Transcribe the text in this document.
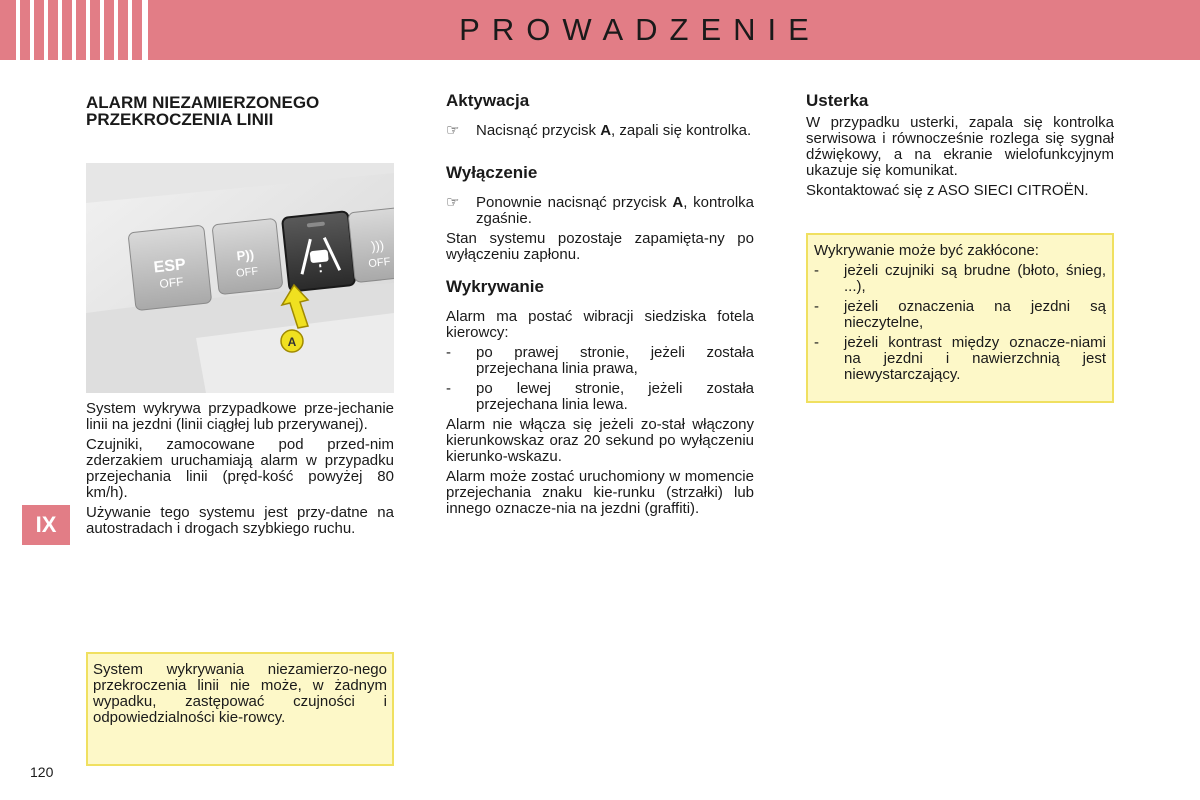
PROWADZENIE
IX
120
ALARM NIEZAMIERZONEGO
PRZEKROCZENIA LINII
ESP
OFF
P))
OFF
)))
OFF
A

System wykrywa przypadkowe prze-jechanie linii na jezdni (linii ciągłej lub przerywanej).

Czujniki, zamocowane pod przed-nim zderzakiem uruchamiają alarm w przypadku przejechania linii (pręd-kość powyżej 80 km/h).

Używanie tego systemu jest przy-datne na autostradach i drogach szybkiego ruchu.

System wykrywania niezamierzo-nego przekroczenia linii nie może, w żadnym wypadku, zastępować czujności i odpowiedzialności kie-rowcy.

Aktywacja
☞	Nacisnąć przycisk A, zapali się kontrolka.
Wyłączenie
☞	Ponownie nacisnąć przycisk A, kontrolka zgaśnie.

Stan systemu pozostaje zapamięta-ny po wyłączeniu zapłonu.

Wykrywanie

Alarm ma postać wibracji siedziska fotela kierowcy:

-	po prawej stronie, jeżeli została przejechana linia prawa,
-	po lewej stronie, jeżeli została przejechana linia lewa.

Alarm nie włącza się jeżeli zo-stał włączony kierunkowskaz oraz 20 sekund po wyłączeniu kierunko-wskazu.

Alarm może zostać uruchomiony w momencie przejechania znaku kie-runku (strzałki) lub innego oznacze-nia na jezdni (graffiti).

Usterka

W przypadku usterki, zapala się kontrolka serwisowa i równocześnie rozlega się sygnał dźwiękowy, a na ekranie wielofunkcyjnym ukazuje się komunikat.

Skontaktować się z ASO SIECI CITROËN.

Wykrywanie może być zakłócone:

-	jeżeli czujniki są brudne (błoto, śnieg, ...),
-	jeżeli oznaczenia na jezdni są nieczytelne,
-	jeżeli kontrast między oznacze-niami na jezdni i nawierzchnią jest niewystarczający.
